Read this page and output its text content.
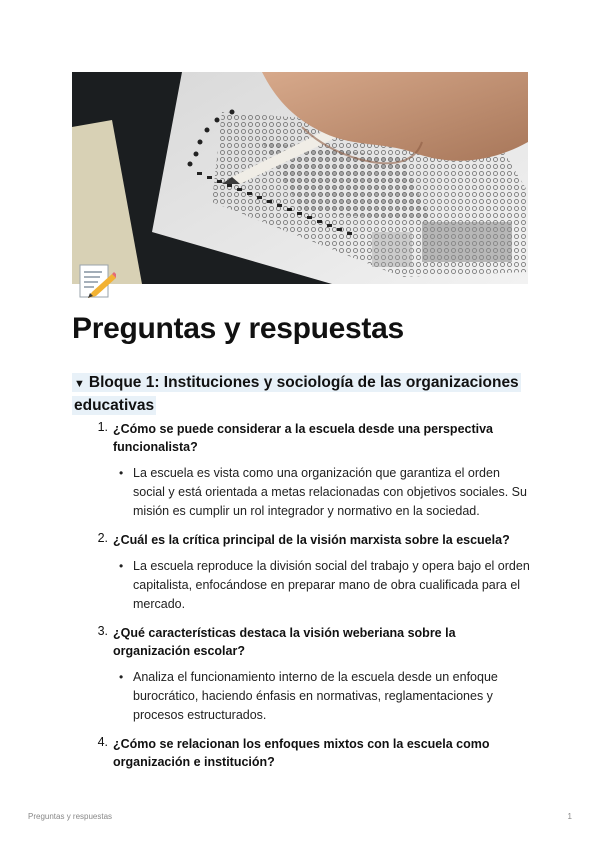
Preguntas y respuestas
▼ Bloque 1: Instituciones y sociología de las organizaciones educativas
1. ¿Cómo se puede considerar a la escuela desde una perspectiva funcionalista?
• La escuela es vista como una organización que garantiza el orden social y está orientada a metas relacionadas con objetivos sociales. Su misión es cumplir un rol integrador y normativo en la sociedad.
2. ¿Cuál es la crítica principal de la visión marxista sobre la escuela?
• La escuela reproduce la división social del trabajo y opera bajo el orden capitalista, enfocándose en preparar mano de obra cualificada para el mercado.
3. ¿Qué características destaca la visión weberiana sobre la organización escolar?
• Analiza el funcionamiento interno de la escuela desde un enfoque burocrático, haciendo énfasis en normativas, reglamentaciones y procesos estructurados.
4. ¿Cómo se relacionan los enfoques mixtos con la escuela como organización e institución?
Preguntas y respuestas	1
